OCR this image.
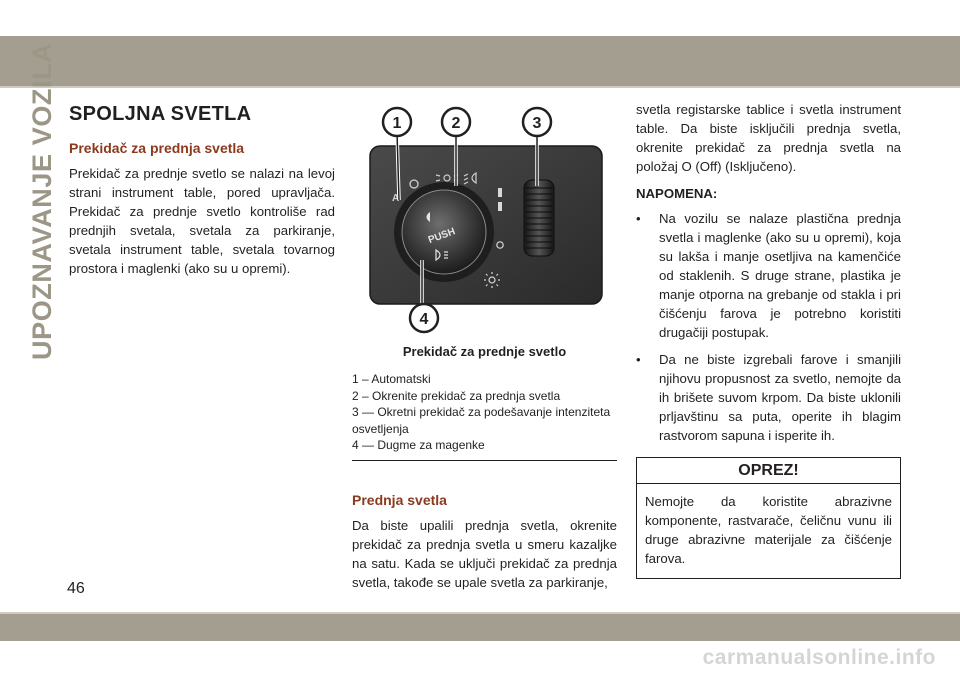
UPOZNAVANJE VOZILA SPOLJNA SVETLA
Prekidač za prednja svetla

Prekidač za prednje svetlo se nalazi na levoj strani instrument table, pored upravljača. Prekidač za prednje svetlo kontroliše rad prednjih svetala, svetala za parkiranje, svetala instrument table, svetala tovarnog prostora i maglenki (ako su u opremi).

A
PUSH
1	2	3
4
Prekidač za prednje svetlo
1 – Automatski
2 – Okrenite prekidač za prednja svetla
3 — Okretni prekidač za podešavanje intenziteta osvetljenja
4 — Dugme za magenke
Prednja svetla

Da biste upalili prednja svetla, okrenite prekidač za prednja svetla u smeru kazaljke na satu. Kada se uključi prekidač za prednja svetla, takođe se upale svetla za parkiranje,

svetla registarske tablice i svetla instrument table. Da biste isključili prednja svetla, okrenite prekidač za prednja svetla na položaj O (Off) (Isključeno).

NAPOMENA:
• Na vozilu se nalaze plastična prednja svetla i maglenke (ako su u opremi), koja su lakša i manje osetljiva na kamenčiće od staklenih. S druge strane, plastika je manje otporna na grebanje od stakla i pri čišćenju farova je potrebno koristiti drugačiji postupak.
• Da ne biste izgrebali farove i smanjili njihovu propusnost za svetlo, nemojte da ih brišete suvom krpom. Da biste uklonili prljavštinu sa puta, operite ih blagim rastvorom sapuna i isperite ih.
OPREZ!
Nemojte da koristite abrazivne komponente, rastvarače, čeličnu vunu ili druge abrazivne materijale za čišćenje farova.
46
carmanualsonline.info
